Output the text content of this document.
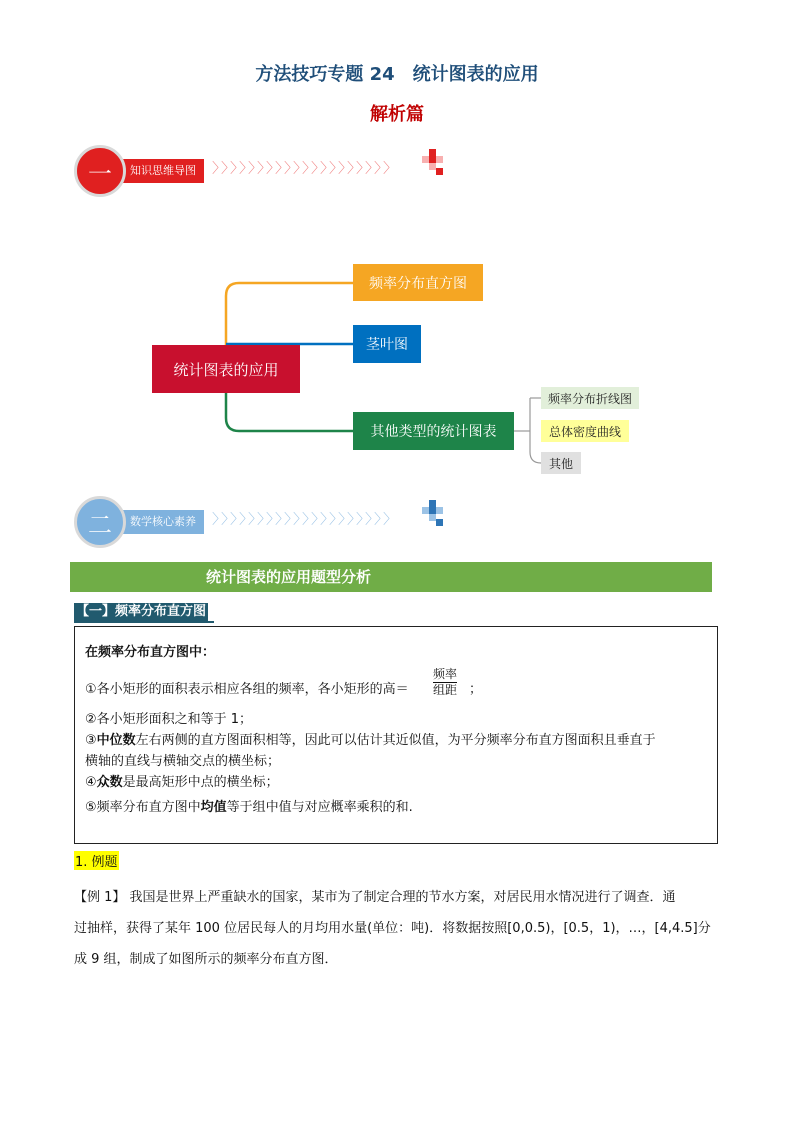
方法技巧专题 24　统计图表的应用
解析篇
一	知识思维导图	〉〉〉〉〉〉〉〉〉〉〉〉〉〉〉〉〉〉〉〉
统计图表的应用
频率分布直方图
茎叶图
其他类型的统计图表
频率分布折线图
总体密度曲线
其他
二	数学核心素养	〉〉〉〉〉〉〉〉〉〉〉〉〉〉〉〉〉〉〉〉
统计图表的应用题型分析
【一】频率分布直方图

在频率分布直方图中：

①各小矩形的面积表示相应各组的频率，各小矩形的高＝

频率
组距 ；

②各小矩形面积之和等于 1；

③中位数左右两侧的直方图面积相等，因此可以估计其近似值，为平分频率分布直方图面积且垂直于

横轴的直线与横轴交点的横坐标；

④众数是最高矩形中点的横坐标；

⑤频率分布直方图中均值等于组中值与对应概率乘积的和.

1. 例题
【例 1】 我国是世界上严重缺水的国家，某市为了制定合理的节水方案，对居民用水情况进行了调查．通
过抽样，获得了某年 100 位居民每人的月均用水量(单位：吨)．将数据按照[0,0.5)，[0.5，1)，…，[4,4.5]分
成 9 组，制成了如图所示的频率分布直方图．
